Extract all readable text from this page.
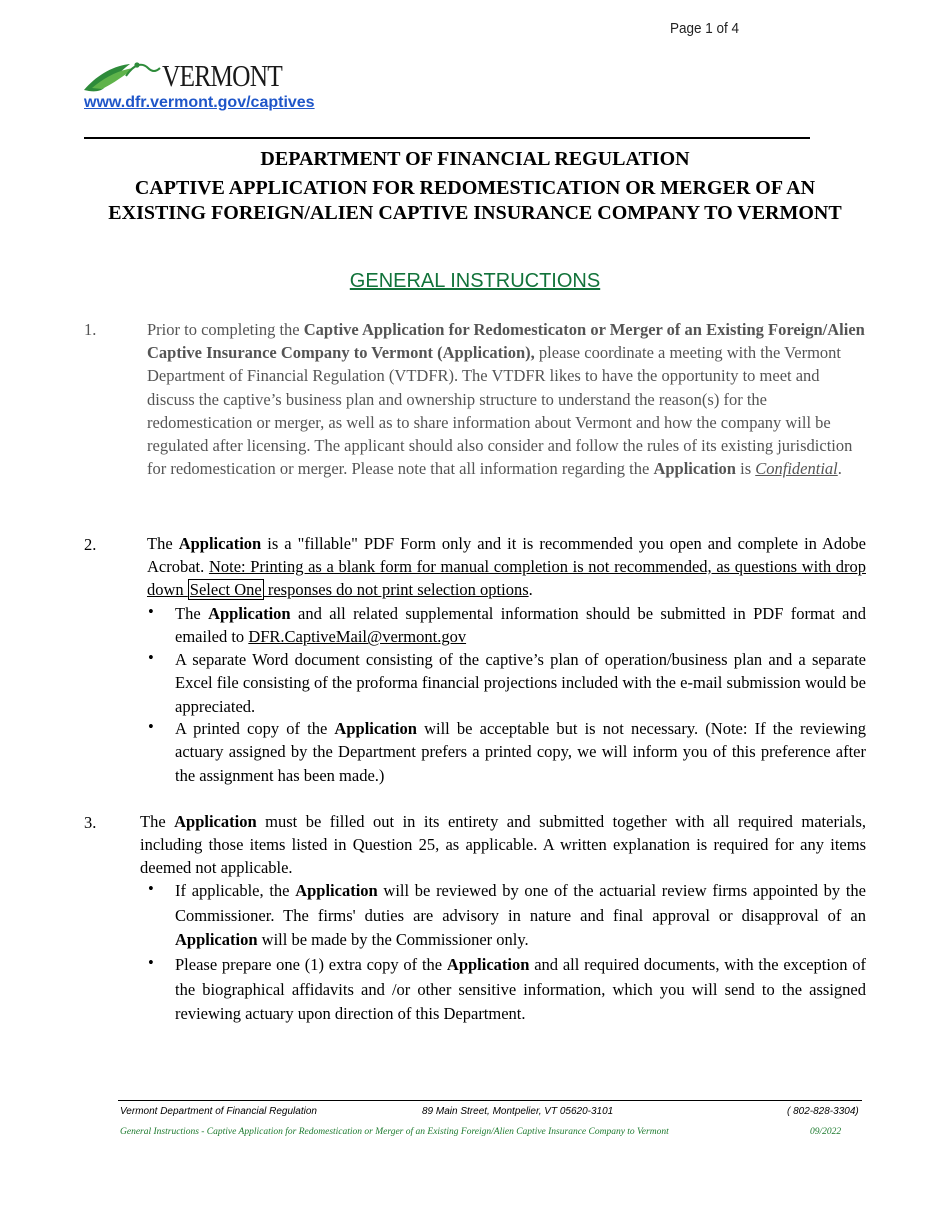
Page 1 of 4
VERMONT
www.dfr.vermont.gov/captives
DEPARTMENT OF FINANCIAL REGULATION
CAPTIVE APPLICATION FOR REDOMESTICATION OR MERGER OF AN EXISTING FOREIGN/ALIEN CAPTIVE INSURANCE COMPANY TO VERMONT
GENERAL INSTRUCTIONS
1.	Prior to completing the Captive Application for Redomesticaton or Merger of an Existing Foreign/Alien Captive Insurance Company to Vermont (Application), please coordinate a meeting with the Vermont Department of Financial Regulation (VTDFR). The VTDFR likes to have the opportunity to meet and discuss the captive’s business plan and ownership structure to understand the reason(s) for the redomestication or merger, as well as to share information about Vermont and how the company will be regulated after licensing. The applicant should also consider and follow the rules of its existing jurisdiction for redomestication or merger. Please note that all information regarding the Application is Confidential.
2.	The Application is a "fillable" PDF Form only and it is recommended you open and complete in Adobe Acrobat. Note: Printing as a blank form for manual completion is not recommended, as questions with drop down Select One responses do not print selection options.
• The Application and all related supplemental information should be submitted in PDF format and emailed to DFR.CaptiveMail@vermont.gov
• A separate Word document consisting of the captive’s plan of operation/business plan and a separate Excel file consisting of the proforma financial projections included with the e-mail submission would be appreciated.
• A printed copy of the Application will be acceptable but is not necessary. (Note: If the reviewing actuary assigned by the Department prefers a printed copy, we will inform you of this preference after the assignment has been made.)
3.	The Application must be filled out in its entirety and submitted together with all required materials, including those items listed in Question 25, as applicable. A written explanation is required for any items deemed not applicable.
• If applicable, the Application will be reviewed by one of the actuarial review firms appointed by the Commissioner. The firms' duties are advisory in nature and final approval or disapproval of an Application will be made by the Commissioner only.
• Please prepare one (1) extra copy of the Application and all required documents, with the exception of the biographical affidavits and /or other sensitive information, which you will send to the assigned reviewing actuary upon direction of this Department.
Vermont Department of Financial Regulation	89 Main Street, Montpelier, VT 05620-3101	( 802-828-3304)
General Instructions - Captive Application for Redomestication or Merger of an Existing Foreign/Alien Captive Insurance Company to Vermont	09/2022
